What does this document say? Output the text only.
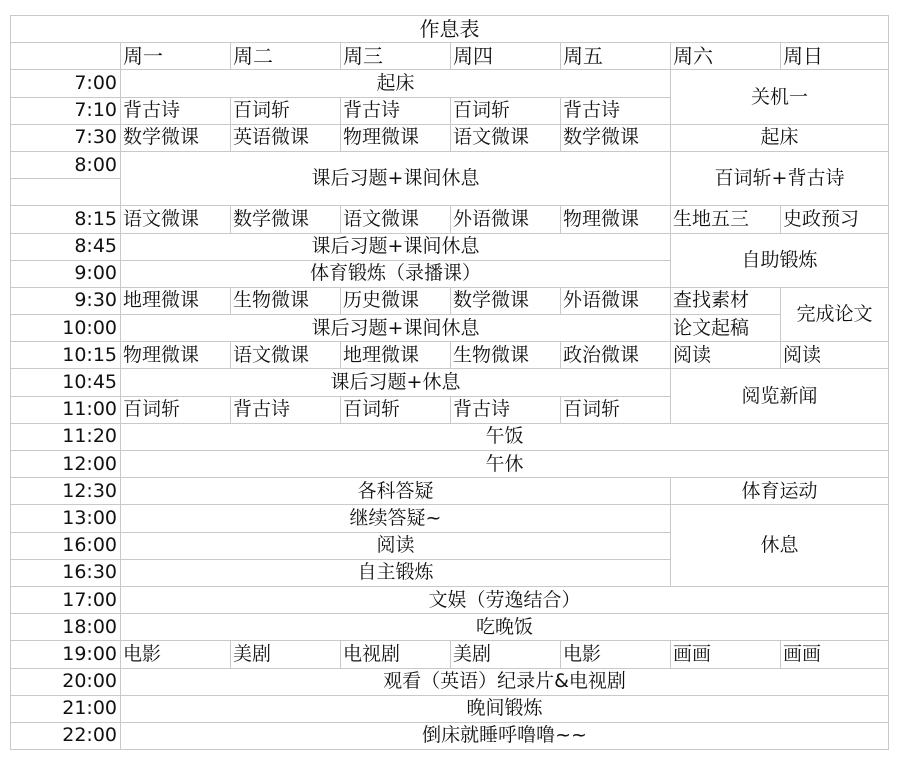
作息表							
	周一	周二	周三	周四	周五	周六	周日
7:00	起床					关机一	
7:10	背古诗	百词斩	背古诗	百词斩	背古诗		
7:30	数学微课	英语微课	物理微课	语文微课	数学微课	起床	
8:00	课后习题+课间休息					百词斩+背古诗	

8:15	语文微课	数学微课	语文微课	外语微课	物理微课	生地五三	史政预习
8:45	课后习题+课间休息					自助锻炼	
9:00	体育锻炼（录播课）						
9:30	地理微课	生物微课	历史微课	数学微课	外语微课	查找素材	完成论文
10:00	课后习题+课间休息					论文起稿	
10:15	物理微课	语文微课	地理微课	生物微课	政治微课	阅读	阅读
10:45	课后习题+休息					阅览新闻	
11:00	百词斩	背古诗	百词斩	背古诗	百词斩		
11:20	午饭						
12:00	午休						
12:30	各科答疑					体育运动	
13:00	继续答疑~					休息	
16:00	阅读						
16:30	自主锻炼						
17:00	文娱（劳逸结合）						
18:00	吃晚饭						
19:00	电影	美剧	电视剧	美剧	电影	画画	画画
20:00	观看（英语）纪录片&电视剧						
21:00	晚间锻炼						
22:00	倒床就睡呼噜噜~~						
